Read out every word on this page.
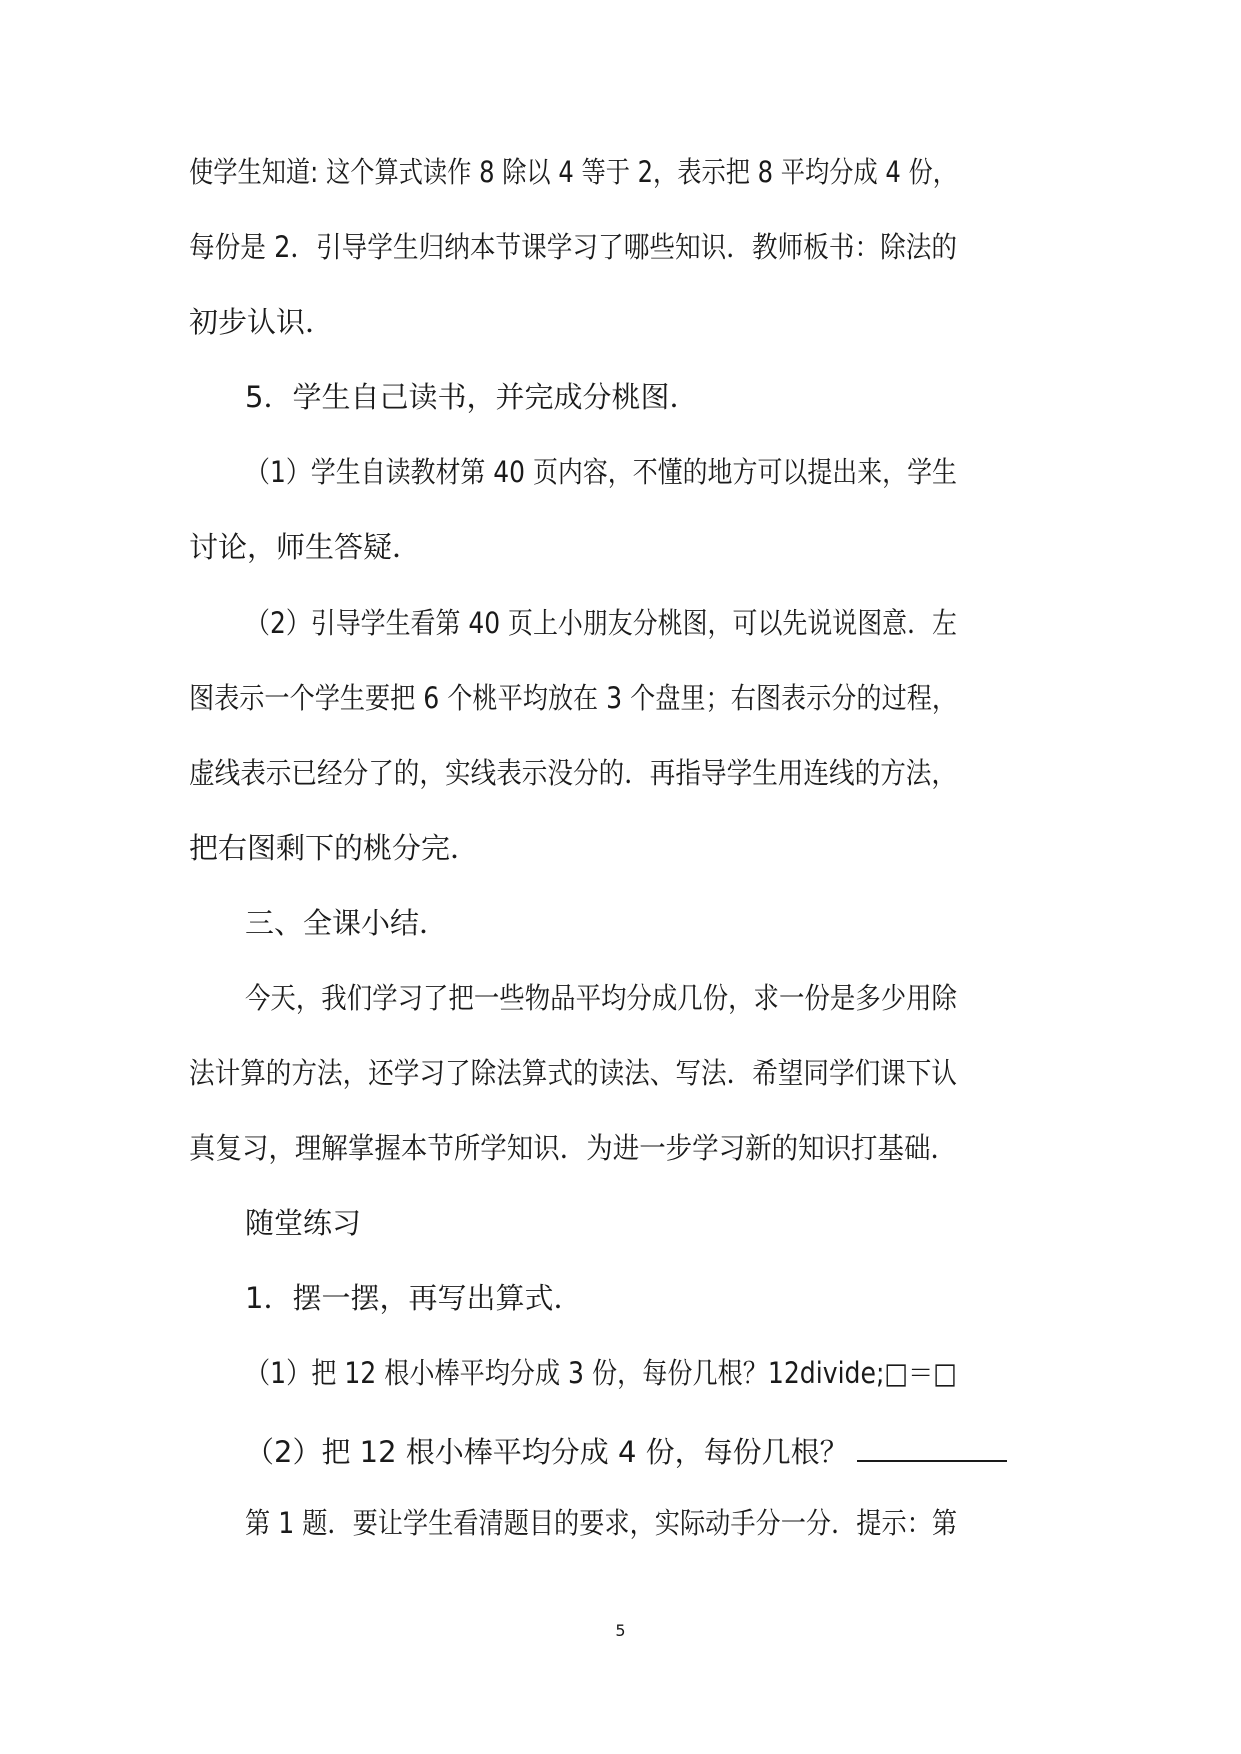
使学生知道: 这个算式读作 8 除以 4 等于 2，表示把 8 平均分成 4 份，
每份是 2．引导学生归纳本节课学习了哪些知识．教师板书：除法的
初步认识．
5．学生自己读书，并完成分桃图．
（1）学生自读教材第 40 页内容，不懂的地方可以提出来，学生
讨论，师生答疑．
（2）引导学生看第 40 页上小朋友分桃图，可以先说说图意．左
图表示一个学生要把 6 个桃平均放在 3 个盘里；右图表示分的过程，
虚线表示已经分了的，实线表示没分的．再指导学生用连线的方法，
把右图剩下的桃分完．
三、全课小结．
今天，我们学习了把一些物品平均分成几份，求一份是多少用除
法计算的方法，还学习了除法算式的读法、写法．希望同学们课下认
真复习，理解掌握本节所学知识．为进一步学习新的知识打基础．
随堂练习
1．摆一摆，再写出算式．
（1）把 12 根小棒平均分成 3 份，每份几根？12divide;□＝□
（2）把 12 根小棒平均分成 4 份，每份几根？
第 1 题．要让学生看清题目的要求，实际动手分一分．提示：第
5
